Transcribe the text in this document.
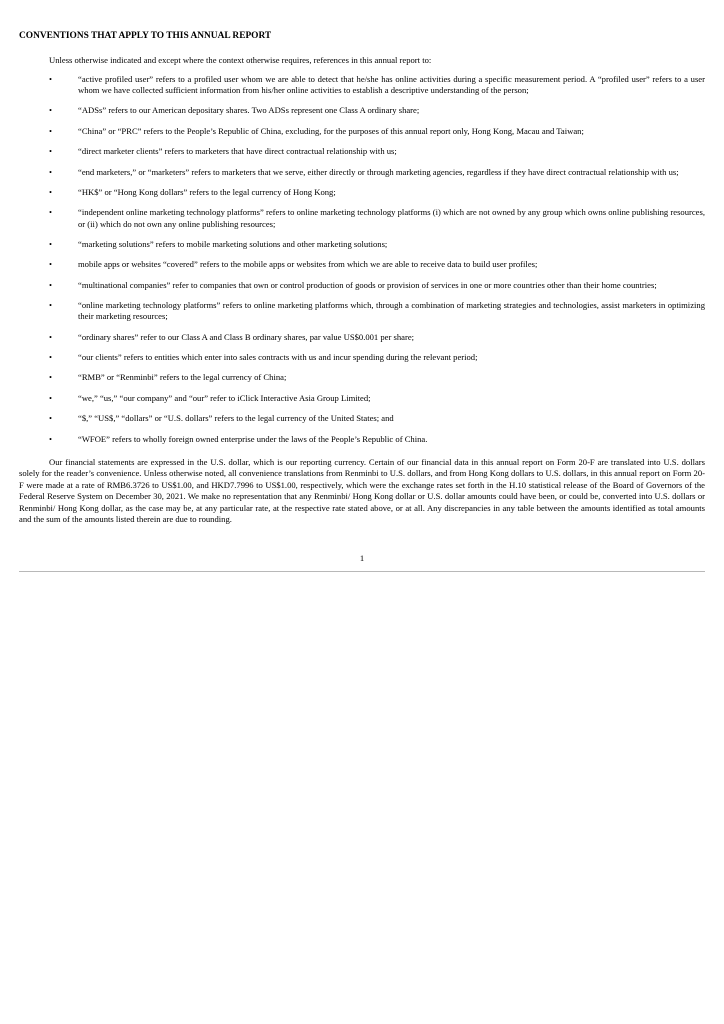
CONVENTIONS THAT APPLY TO THIS ANNUAL REPORT
Unless otherwise indicated and except where the context otherwise requires, references in this annual report to:
•	“active profiled user” refers to a profiled user whom we are able to detect that he/she has online activities during a specific measurement period. A “profiled user” refers to a user whom we have collected sufficient information from his/her online activities to establish a descriptive understanding of the person;
•	“ADSs” refers to our American depositary shares. Two ADSs represent one Class A ordinary share;
•	“China” or “PRC” refers to the People’s Republic of China, excluding, for the purposes of this annual report only, Hong Kong, Macau and Taiwan;
•	“direct marketer clients” refers to marketers that have direct contractual relationship with us;
•	“end marketers,” or “marketers” refers to marketers that we serve, either directly or through marketing agencies, regardless if they have direct contractual relationship with us;
•	“HK$” or “Hong Kong dollars” refers to the legal currency of Hong Kong;
•	“independent online marketing technology platforms” refers to online marketing technology platforms (i) which are not owned by any group which owns online publishing resources, or (ii) which do not own any online publishing resources;
•	“marketing solutions” refers to mobile marketing solutions and other marketing solutions;
•	mobile apps or websites “covered” refers to the mobile apps or websites from which we are able to receive data to build user profiles;
•	“multinational companies” refer to companies that own or control production of goods or provision of services in one or more countries other than their home countries;
•	“online marketing technology platforms” refers to online marketing platforms which, through a combination of marketing strategies and technologies, assist marketers in optimizing their marketing resources;
•	“ordinary shares” refer to our Class A and Class B ordinary shares, par value US$0.001 per share;
•	“our clients” refers to entities which enter into sales contracts with us and incur spending during the relevant period;
•	“RMB” or “Renminbi” refers to the legal currency of China;
•	“we,” “us,” “our company” and “our” refer to iClick Interactive Asia Group Limited;
•	“$,” “US$,” “dollars” or “U.S. dollars” refers to the legal currency of the United States; and
•	“WFOE” refers to wholly foreign owned enterprise under the laws of the People’s Republic of China.

Our financial statements are expressed in the U.S. dollar, which is our reporting currency. Certain of our financial data in this annual report on Form 20-F are translated into U.S. dollars solely for the reader’s convenience. Unless otherwise noted, all convenience translations from Renminbi to U.S. dollars, and from Hong Kong dollars to U.S. dollars, in this annual report on Form 20-F were made at a rate of RMB6.3726 to US$1.00, and HKD7.7996 to US$1.00, respectively, which were the exchange rates set forth in the H.10 statistical release of the Board of Governors of the Federal Reserve System on December 30, 2021. We make no representation that any Renminbi/ Hong Kong dollar or U.S. dollar amounts could have been, or could be, converted into U.S. dollars or Renminbi/ Hong Kong dollar, as the case may be, at any particular rate, at the respective rate stated above, or at all. Any discrepancies in any table between the amounts identified as total amounts and the sum of the amounts listed therein are due to rounding.

1
